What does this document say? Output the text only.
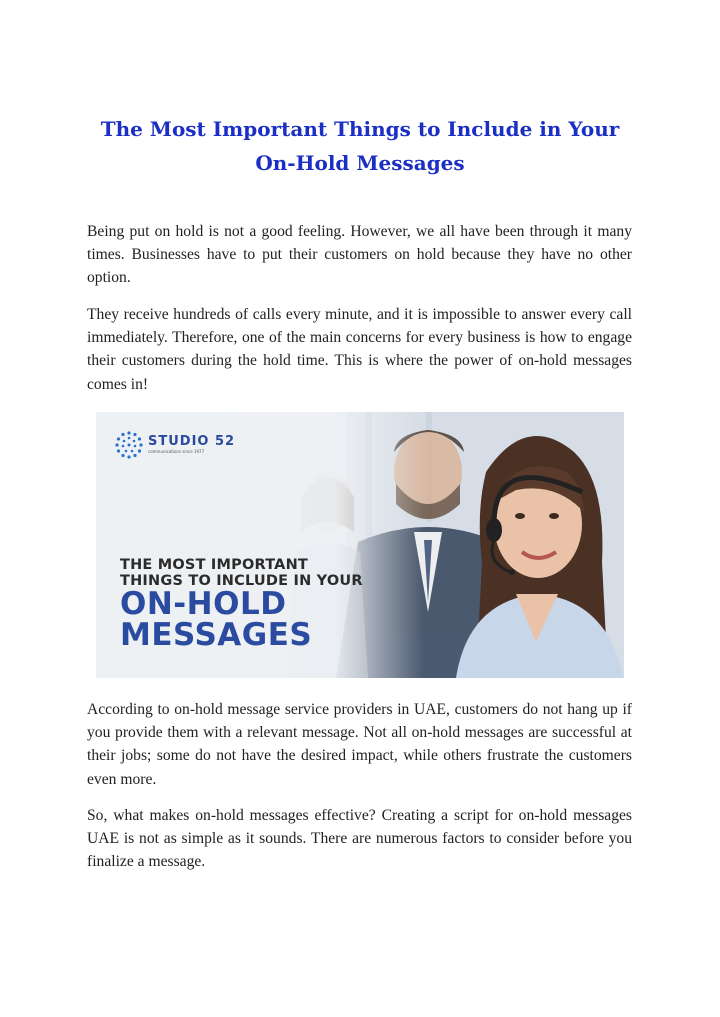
The Most Important Things to Include in Your
On-Hold Messages

Being put on hold is not a good feeling. However, we all have been through it many times. Businesses have to put their customers on hold because they have no other option.

They receive hundreds of calls every minute, and it is impossible to answer every call immediately. Therefore, one of the main concerns for every business is how to engage their customers during the hold time. This is where the power of on-hold messages comes in!

STUDIO 52
communications since 1977
THE MOST IMPORTANT
THINGS TO INCLUDE IN YOUR
ON-HOLD
MESSAGES

According to on-hold message service providers in UAE, customers do not hang up if you provide them with a relevant message. Not all on-hold messages are successful at their jobs; some do not have the desired impact, while others frustrate the customers even more.

So, what makes on-hold messages effective? Creating a script for on-hold messages UAE is not as simple as it sounds. There are numerous factors to consider before you finalize a message.
